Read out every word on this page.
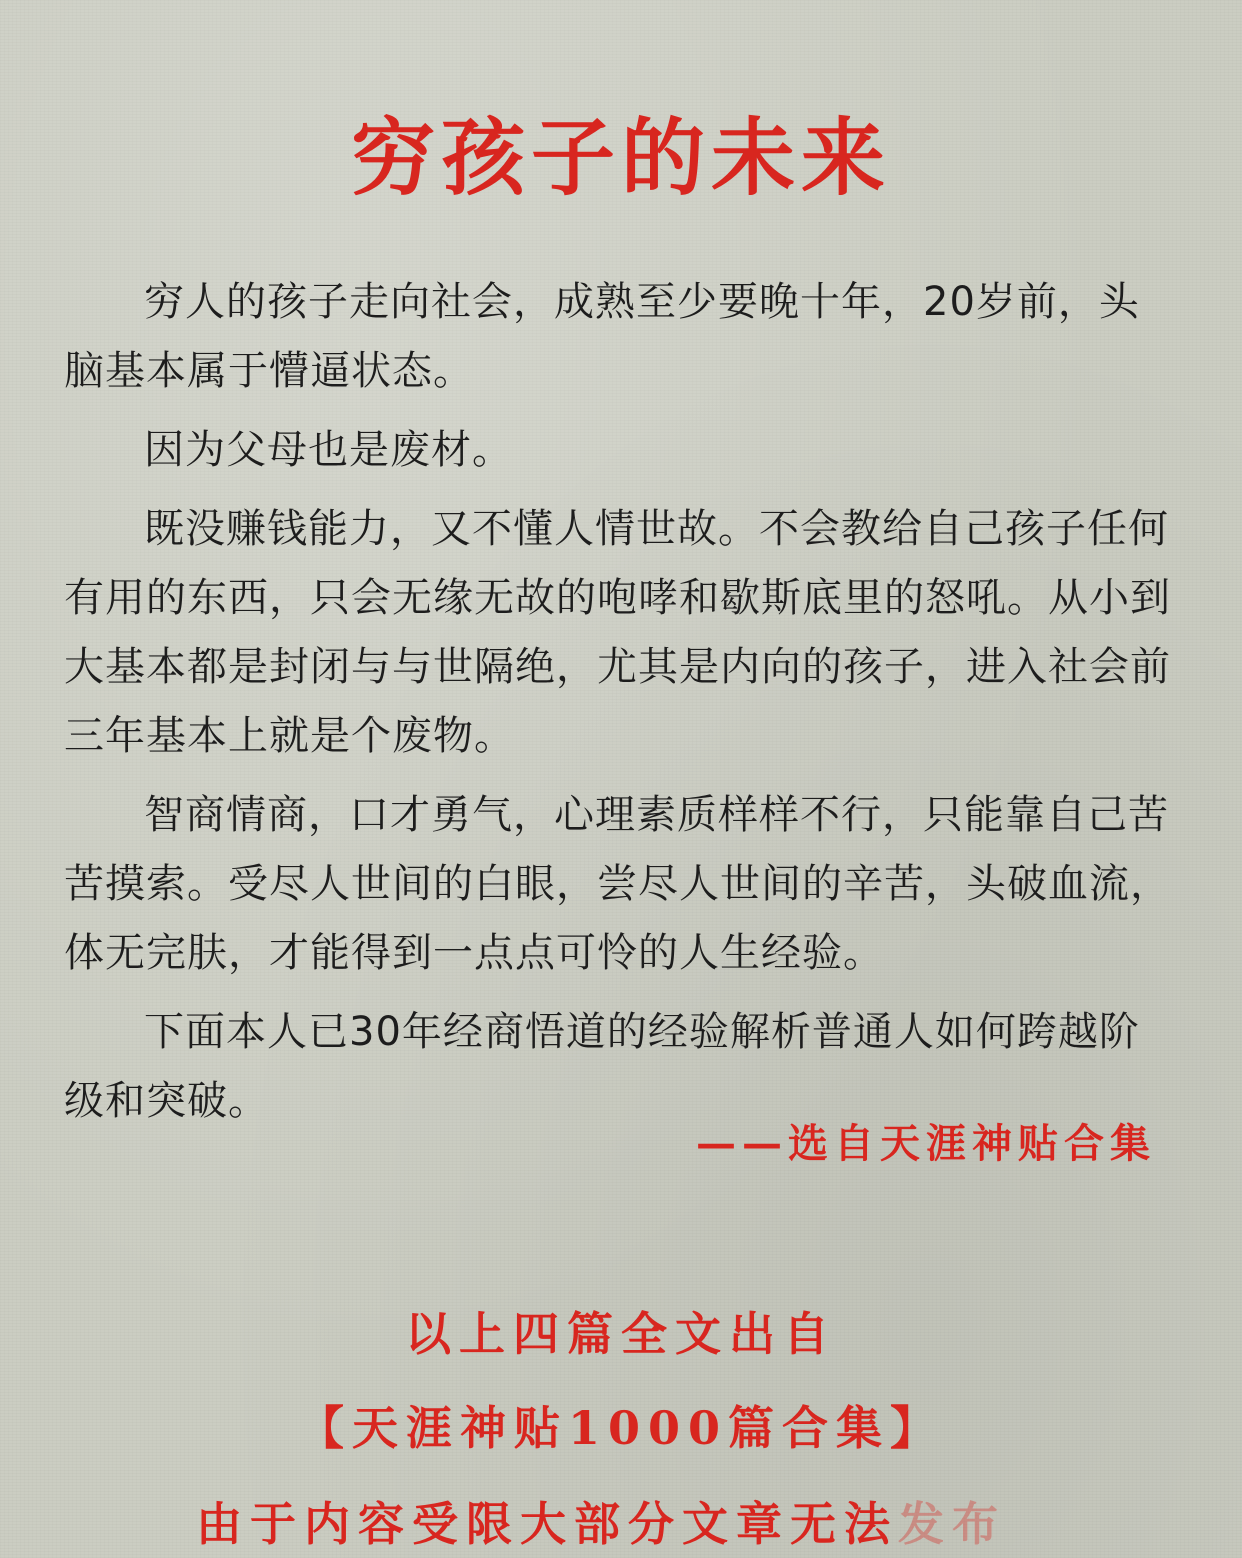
穷孩子的未来

穷人的孩子走向社会，成熟至少要晚十年，20岁前，头脑基本属于懵逼状态。

因为父母也是废材。

既没赚钱能力，又不懂人情世故。不会教给自己孩子任何有用的东西，只会无缘无故的咆哮和歇斯底里的怒吼。从小到大基本都是封闭与与世隔绝，尤其是内向的孩子，进入社会前三年基本上就是个废物。

智商情商，口才勇气，心理素质样样不行，只能靠自己苦苦摸索。受尽人世间的白眼，尝尽人世间的辛苦，头破血流，体无完肤，才能得到一点点可怜的人生经验。

下面本人已30年经商悟道的经验解析普通人如何跨越阶级和突破。

——选自天涯神贴合集

以上四篇全文出自

【天涯神贴1000篇合集】

由于内容受限大部分文章无法发布
